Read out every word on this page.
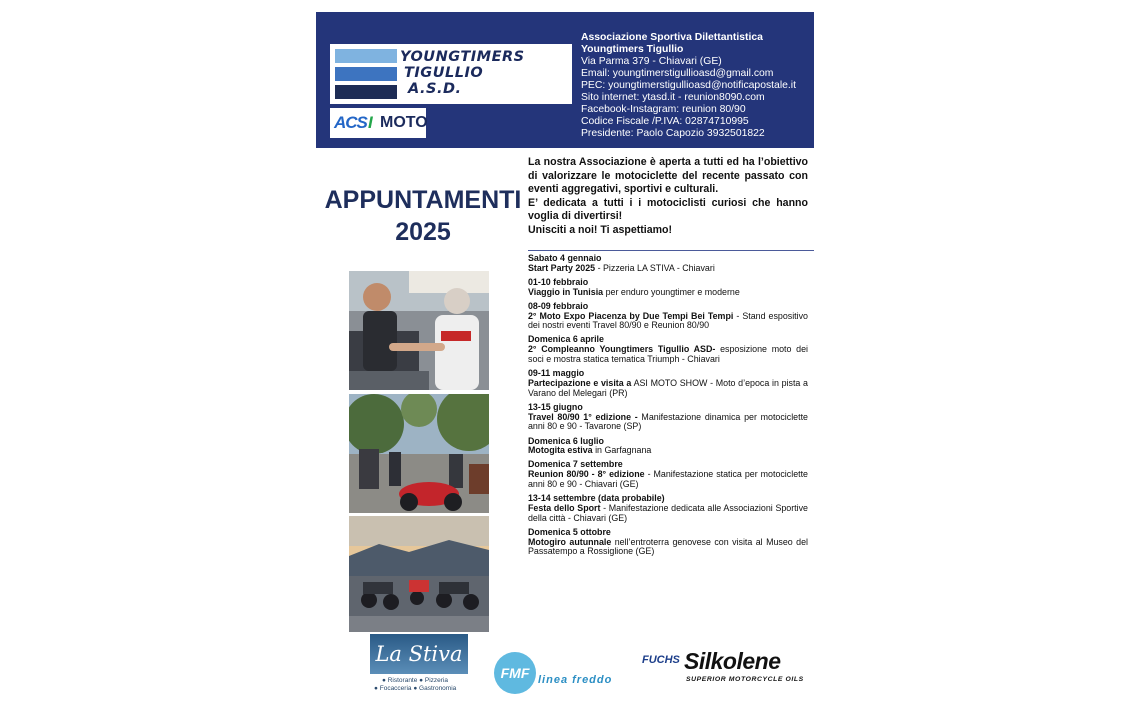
YOUNGTIMERS
TIGULLIO
A.S.D.
ACS I MOTO
Associazione Sportiva Dilettantistica
Youngtimers Tigullio
Via Parma 379 - Chiavari (GE)
Email: youngtimerstigullioasd@gmail.com
PEC: youngtimerstigullioasd@notificapostale.it
Sito internet: ytasd.it - reunion8090.com
Facebook-Instagram: reunion 80/90
Codice Fiscale /P.IVA: 02874710995
Presidente: Paolo Capozio 3932501822
APPUNTAMENTI
2025

La nostra Associazione è aperta a tutti ed ha l’obiettivo di valorizzare le motociclette del recente passato con eventi aggregativi, sportivi e culturali.

E’ dedicata a tutti i i motociclisti curiosi che hanno voglia di divertirsi!

Unisciti a noi! Ti aspettiamo!

Sabato 4 gennaio
Start Party 2025 - Pizzeria LA STIVA - Chiavari
01-10 febbraio
Viaggio in Tunisia per enduro youngtimer e moderne
08-09 febbraio
2° Moto Expo Piacenza by Due Tempi Bei Tempi - Stand espositivo dei nostri eventi Travel 80/90 e Reunion 80/90
Domenica 6 aprile
2° Compleanno Youngtimers Tigullio ASD- esposizione moto dei soci e mostra statica tematica Triumph - Chiavari
09-11 maggio
Partecipazione e visita a ASI MOTO SHOW - Moto d’epoca in pista a Varano del Melegari (PR)
13-15 giugno
Travel 80/90 1° edizione - Manifestazione dinamica per motociclette anni 80 e 90 - Tavarone (SP)
Domenica 6 luglio
Motogita estiva in Garfagnana
Domenica 7 settembre
Reunion 80/90 - 8° edizione - Manifestazione statica per motociclette anni 80 e 90 - Chiavari (GE)
13-14 settembre (data probabile)
Festa dello Sport - Manifestazione dedicata alle Associazioni Sportive della città - Chiavari (GE)
Domenica 5 ottobre
Motogiro autunnale nell’entroterra genovese con visita al Museo del Passatempo a Rossiglione (GE)
La Stiva
● Ristorante ● Pizzeria
● Focacceria ● Gastronomia
FMF linea freddo
FUCHS Silkolene
SUPERIOR MOTORCYCLE OILS
